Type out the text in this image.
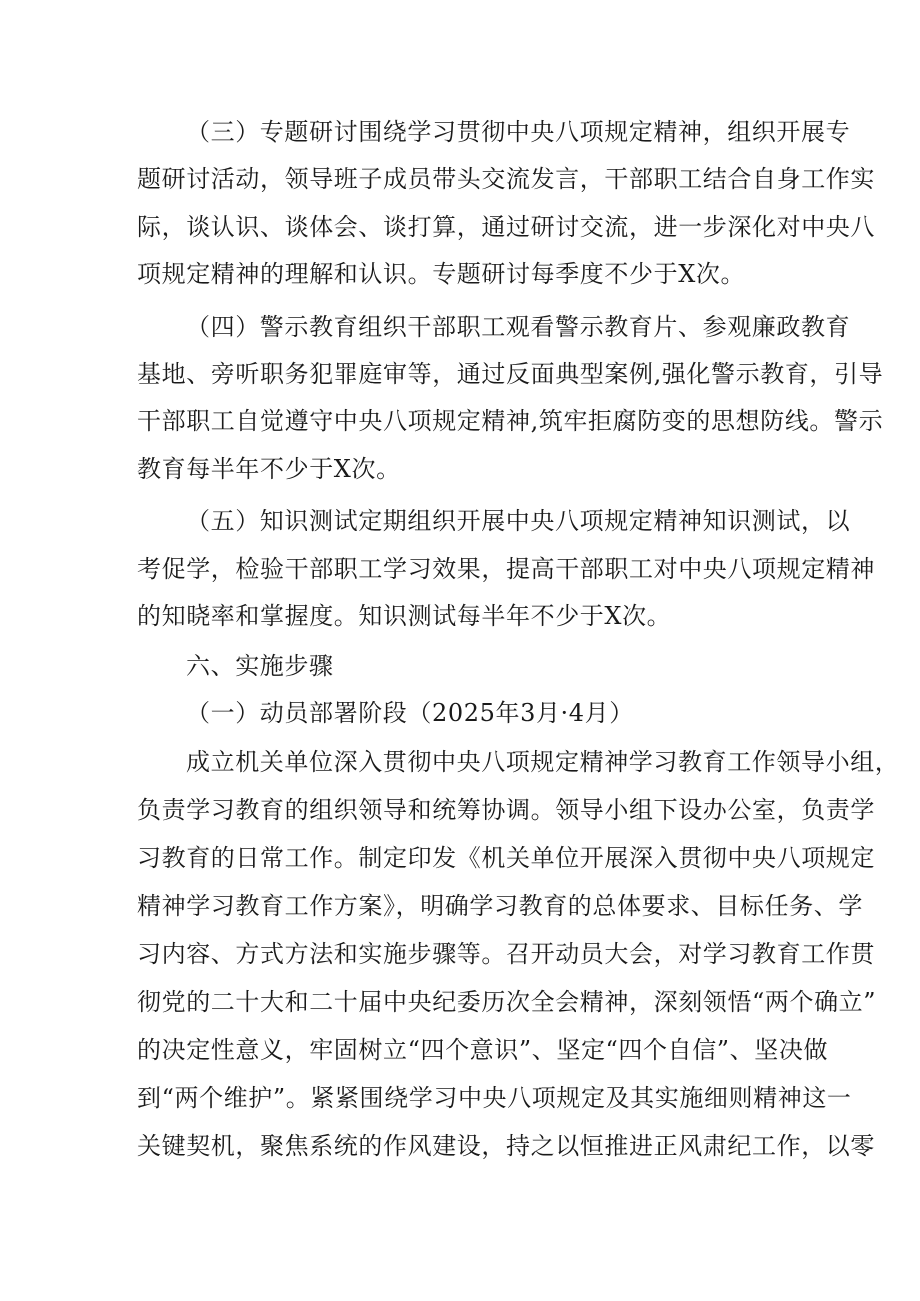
（三）专题研讨围绕学习贯彻中央八项规定精神，组织开展专
题研讨活动，领导班子成员带头交流发言，干部职工结合自身工作实
际，谈认识、谈体会、谈打算，通过研讨交流，进一步深化对中央八
项规定精神的理解和认识。专题研讨每季度不少于X次。
（四）警示教育组织干部职工观看警示教育片、参观廉政教育
基地、旁听职务犯罪庭审等，通过反面典型案例,强化警示教育，引导
干部职工自觉遵守中央八项规定精神,筑牢拒腐防变的思想防线。警示
教育每半年不少于X次。
（五）知识测试定期组织开展中央八项规定精神知识测试，以
考促学，检验干部职工学习效果，提高干部职工对中央八项规定精神
的知晓率和掌握度。知识测试每半年不少于X次。
六、实施步骤
（一）动员部署阶段（2025年3月·4月）
成立机关单位深入贯彻中央八项规定精神学习教育工作领导小组，
负责学习教育的组织领导和统筹协调。领导小组下设办公室，负责学
习教育的日常工作。制定印发《机关单位开展深入贯彻中央八项规定
精神学习教育工作方案》，明确学习教育的总体要求、目标任务、学
习内容、方式方法和实施步骤等。召开动员大会，对学习教育工作贯
彻党的二十大和二十届中央纪委历次全会精神，深刻领悟“两个确立”
的决定性意义，牢固树立“四个意识”、坚定“四个自信”、坚决做
到“两个维护”。紧紧围绕学习中央八项规定及其实施细则精神这一
关键契机，聚焦系统的作风建设，持之以恒推进正风肃纪工作，以零
